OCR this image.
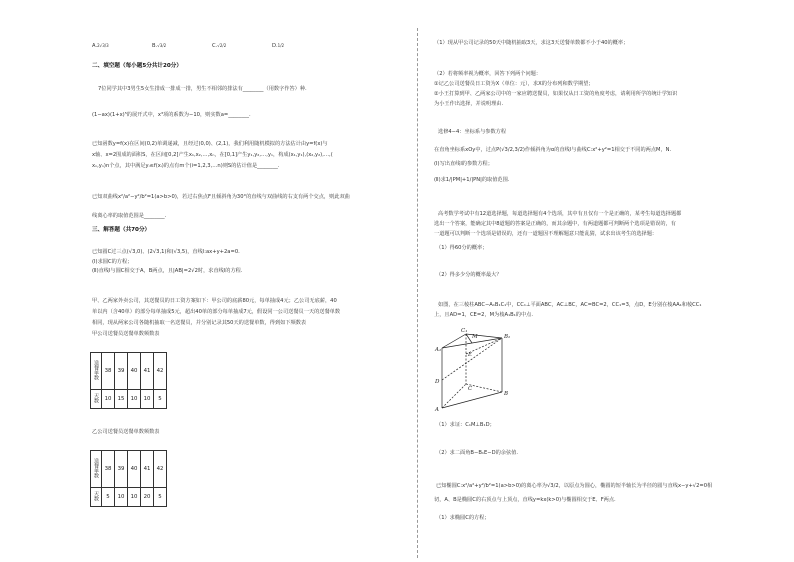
A.2√3/3	B.√3/2	C.√2/2	D.1/2
二、填空题（每小题5分共计20分）
7位同学其中3男生5女生排成一排成一排，男生不相邻的排法有________（用数字作答）种.
(1−ax)(1+x)⁵的展开式中，x³项的系数为−10，则实数a=________.
已知函数y=f(x)在区间(0,2)单调递减，且经过(0,0)、(2,1)，我们利用随机模拟的方法估计由y=f(x)与
x轴、x=2围成的面积S，在区间[0,2]产生x₁,x₂,…,xₙ，在[0,1]产生y₁,y₂,…,yₙ，构成(x₁,y₁),(x₂,y₂),…,(
xₙ,yₙ)n个点，其中满足yᵢ≤f(xᵢ)的点有m个(i=1,2,3,…n)则S的估计值是________.
已知双曲线x²/a²−y²/b²=1(a>b>0)，若过右焦点F且倾斜角为30°的直线与双曲线的右支有两个交点，则此双曲
线离心率的取值范围是________.
三、解答题（共70分）
已知圆C过三点(√3,0)、(2√3,1)和(√3,5)，直线l:ax+y+2a=0.
(Ⅰ)求圆C的方程；
(Ⅱ)直线l与圆C相交于A，B两点，且|AB|=2√2时，求直线l的方程.
甲、乙两家外卖公司，其送餐员的日工资方案如下：甲公司的底薪80元，每单抽成4元；乙公司无底薪，40
单以内（含40单）的部分每单抽成5元，超出40单的部分每单抽成7元，假设同一公司送餐员一天的送餐单数
相同，现从两家公司各随机抽取一名送餐员，并分别记录其50天的送餐单数，得到如下频数表
甲公司送餐员送餐单数频数表
送餐单数	38	39	40	41	42
天数	10	15	10	10	5
乙公司送餐员送餐单数频数表
送餐单数	38	39	40	41	42
天数	5	10	10	20	5
（1）现从甲公司记录的50天中随机抽取3天，求这3天送餐单数都不小于40的概率；
（2）若将频率视为概率，回答下列两个问题：
①记乙公司送餐员日工资为X（单位：元），求X的分布列和数学期望；
②小王打算到甲、乙两家公司中的一家应聘送餐员，如果仅从日工资的角度考虑，请利用所学的统计学知识
为小王作出选择，并说明理由.
选修4−4：坐标系与参数方程
在直角坐标系xOy中，过点P(√3/2,3/2)作倾斜角为α的直线l与曲线C:x²+y²=1相交于不同的两点M，N.
(Ⅰ)写出直线l的参数方程；
(Ⅱ)求1/|PM|+1/|PN|的取值范围.
高考数学考试中有12道选择题，每道选择题有4个选项，其中有且仅有一个是正确的，某考生每道选择题都
选出一个答案，能确定其中8道题的答案是正确的，而其余题中，有两道题都可判断两个选项是错误的，有
一道题可以判断一个选项是错误的，还有一道题因不理解题意只能乱猜，试求出该考生的选择题：
（1）得60分的概率；
（2）得多少分的概率最大？
如图，在三棱柱ABC−A₁B₁C₁中，CC₁⊥平面ABC，AC⊥BC，AC=BC=2，CC₁=3，点D，E分别在棱AA₁和棱CC₁
上，且AD=1，CE=2，M为棱A₁B₁的中点.
C₁
M	B₁
A₁
E
D
C
B
A
（1）求证：C₁M⊥B₁D；
（2）求二面角B−B₁E−D的余弦值.
已知椭圆C:x²/a²+y²/b²=1(a>b>0)的离心率为√3/2，以原点为圆心，椭圆的短半轴长为半径的圆与直线x−y+√2=0相
切，A、B是椭圆C的右顶点与上顶点，直线y=kx(k>0)与椭圆相交于E、F两点.
（1）求椭圆C的方程；
